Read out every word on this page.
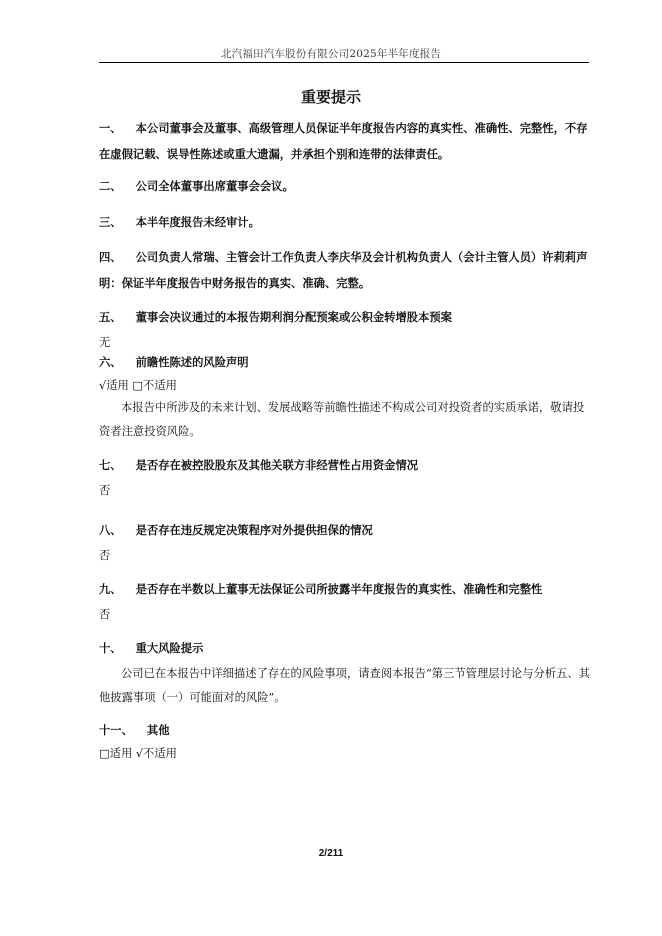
北汽福田汽车股份有限公司2025年半年度报告
重要提示
一、 本公司董事会及董事、高级管理人员保证半年度报告内容的真实性、准确性、完整性，不存在虚假记载、误导性陈述或重大遗漏，并承担个别和连带的法律责任。
二、 公司全体董事出席董事会会议。
三、 本半年度报告未经审计。
四、 公司负责人常瑞、主管会计工作负责人李庆华及会计机构负责人（会计主管人员）许莉莉声明：保证半年度报告中财务报告的真实、准确、完整。
五、 董事会决议通过的本报告期利润分配预案或公积金转增股本预案
无
六、 前瞻性陈述的风险声明
√适用 □不适用
本报告中所涉及的未来计划、发展战略等前瞻性描述不构成公司对投资者的实质承诺，敬请投资者注意投资风险。
七、 是否存在被控股股东及其他关联方非经营性占用资金情况
否
八、 是否存在违反规定决策程序对外提供担保的情况
否
九、 是否存在半数以上董事无法保证公司所披露半年度报告的真实性、准确性和完整性
否
十、 重大风险提示
公司已在本报告中详细描述了存在的风险事项，请查阅本报告“第三节管理层讨论与分析五、其他披露事项（一）可能面对的风险”。
十一、 其他
□适用 √不适用
2/211
